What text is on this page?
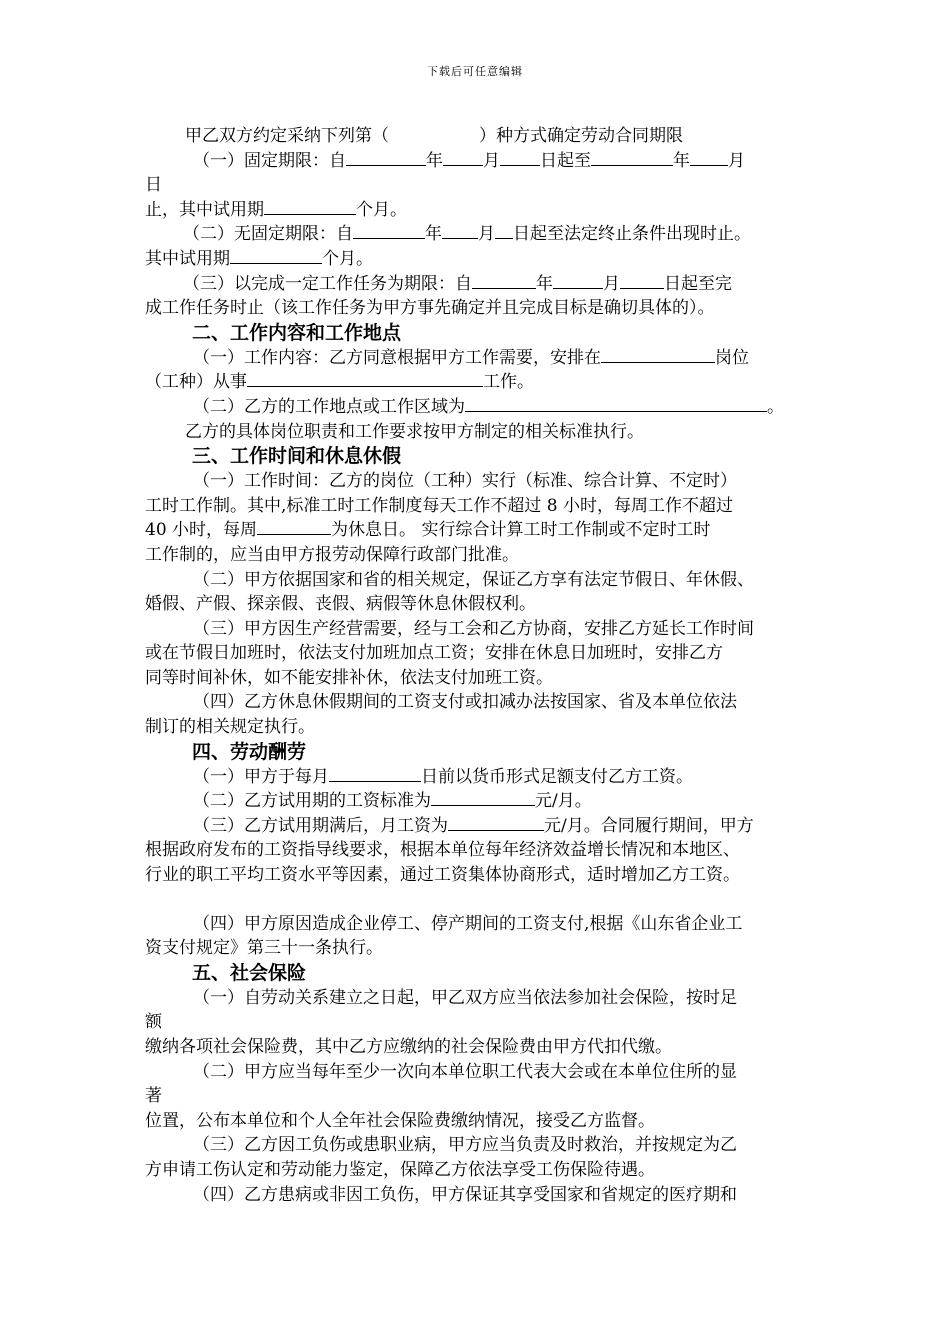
下载后可任意编辑
甲乙双方约定采纳下列第（	）种方式确定劳动合同期限
（一）固定期限：自	年 月 日起至	年 月
日
止，其中试用期	个月。
（二）无固定期限：自	年 月 日起至法定终止条件出现时止。
其中试用期	个月。
（三）以完成一定工作任务为期限：自	年	月	日起至完
成工作任务时止（该工作任务为甲方事先确定并且完成目标是确切具体的）。
二、工作内容和工作地点
（一）工作内容：乙方同意根据甲方工作需要，安排在	岗位
（工种）从事	工作。
（二）乙方的工作地点或工作区域为	。
乙方的具体岗位职责和工作要求按甲方制定的相关标准执行。
三、工作时间和休息休假
（一）工作时间：乙方的岗位（工种）实行（标准、综合计算、不定时）
工时工作制。其中,标准工时工作制度每天工作不超过 8 小时，每周工作不超过
40 小时，每周	为休息日。 实行综合计算工时工作制或不定时工时
工作制的，应当由甲方报劳动保障行政部门批准。
（二）甲方依据国家和省的相关规定，保证乙方享有法定节假日、年休假、
婚假、产假、探亲假、丧假、病假等休息休假权利。
（三）甲方因生产经营需要，经与工会和乙方协商，安排乙方延长工作时间
或在节假日加班时，依法支付加班加点工资；安排在休息日加班时，安排乙方
同等时间补休，如不能安排补休，依法支付加班工资。
（四）乙方休息休假期间的工资支付或扣减办法按国家、省及本单位依法
制订的相关规定执行。
四、劳动酬劳
（一）甲方于每月	日前以货币形式足额支付乙方工资。
（二）乙方试用期的工资标准为	元/月。
（三）乙方试用期满后，月工资为	元/月。合同履行期间，甲方
根据政府发布的工资指导线要求，根据本单位每年经济效益增长情况和本地区、
行业的职工平均工资水平等因素，通过工资集体协商形式，适时增加乙方工资。
（四）甲方原因造成企业停工、停产期间的工资支付,根据《山东省企业工
资支付规定》第三十一条执行。
五、社会保险
（一）自劳动关系建立之日起，甲乙双方应当依法参加社会保险，按时足
额
缴纳各项社会保险费，其中乙方应缴纳的社会保险费由甲方代扣代缴。
（二）甲方应当每年至少一次向本单位职工代表大会或在本单位住所的显
著
位置，公布本单位和个人全年社会保险费缴纳情况，接受乙方监督。
（三）乙方因工负伤或患职业病，甲方应当负责及时救治，并按规定为乙
方申请工伤认定和劳动能力鉴定，保障乙方依法享受工伤保险待遇。
（四）乙方患病或非因工负伤，甲方保证其享受国家和省规定的医疗期和
